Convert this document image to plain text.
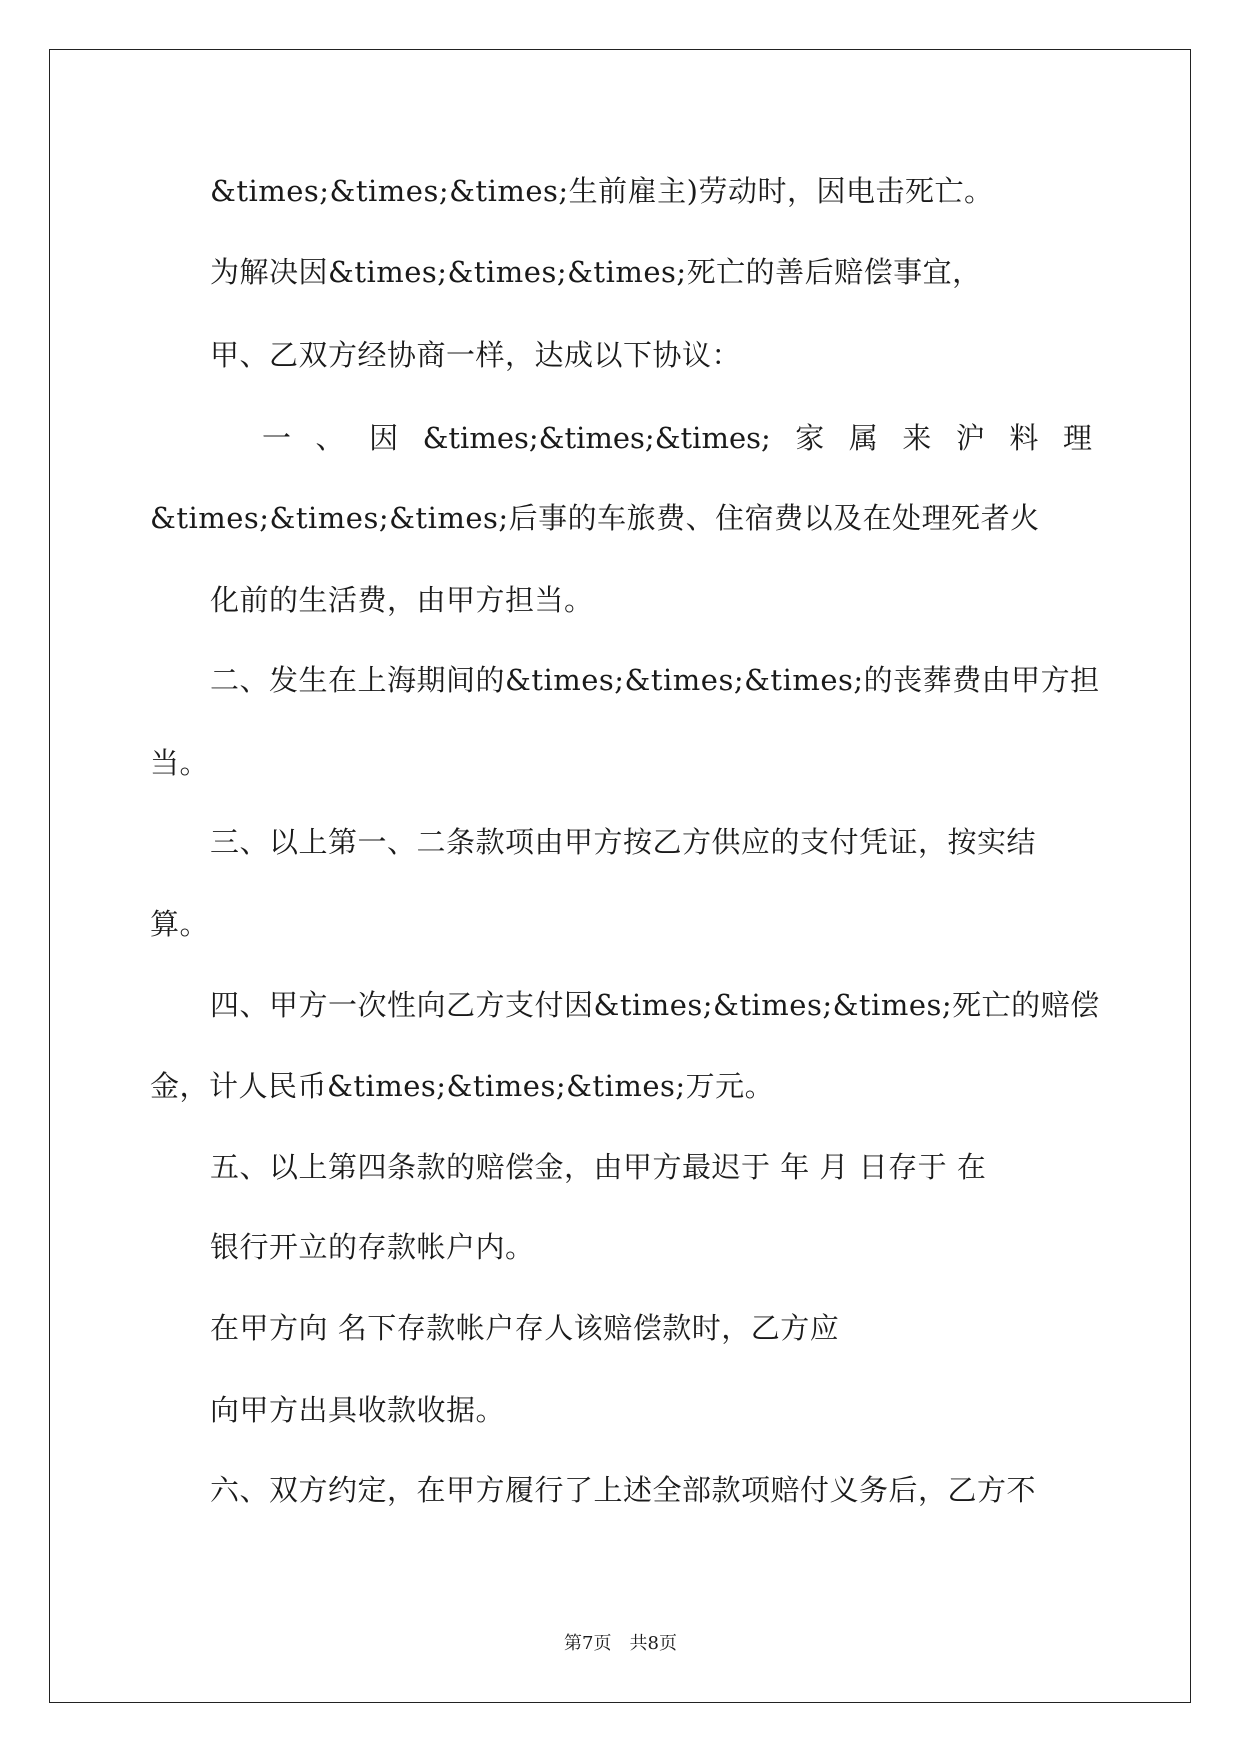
&times;&times;&times;生前雇主)劳动时，因电击死亡。
为解决因&times;&times;&times;死亡的善后赔偿事宜，
甲、乙双方经协商一样，达成以下协议：
一 、 因 &times;&times;&times; 家 属 来 沪 料 理
&times;&times;&times;后事的车旅费、住宿费以及在处理死者火
化前的生活费，由甲方担当。
二、发生在上海期间的&times;&times;&times;的丧葬费由甲方担
当。
三、以上第一、二条款项由甲方按乙方供应的支付凭证，按实结
算。
四、甲方一次性向乙方支付因&times;&times;&times;死亡的赔偿
金，计人民币&times;&times;&times;万元。
五、以上第四条款的赔偿金，由甲方最迟于 年 月 日存于 在
银行开立的存款帐户内。
在甲方向 名下存款帐户存人该赔偿款时，乙方应
向甲方出具收款收据。
六、双方约定，在甲方履行了上述全部款项赔付义务后，乙方不
第7页　共8页
